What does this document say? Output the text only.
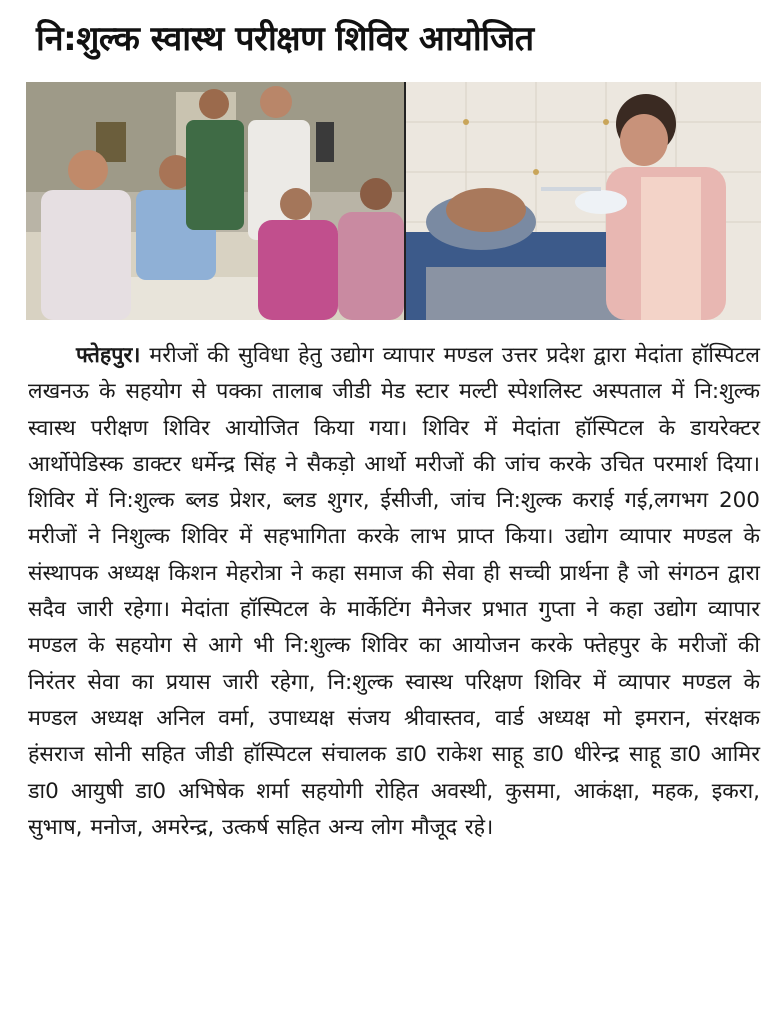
नि:शुल्क स्वास्थ परीक्षण शिविर आयोजित

फ्तेहपुर। मरीजों की सुविधा हेतु उद्योग व्यापार मण्डल उत्तर प्रदेश द्वारा मेदांता हॉस्पिटल लखनऊ के सहयोग से पक्का तालाब जीडी मेड स्टार मल्टी स्पेशलिस्ट अस्पताल में नि:शुल्क स्वास्थ परीक्षण शिविर आयोजित किया गया। शिविर में मेदांता हॉस्पिटल के डायरेक्टर आर्थोपेडिस्क डाक्टर धर्मेन्द्र सिंह ने सैकड़ो आर्थो मरीजों की जांच करके उचित परमार्श दिया। शिविर में नि:शुल्क ब्लड प्रेशर, ब्लड शुगर, ईसीजी, जांच नि:शुल्क कराई गई,लगभग 200 मरीजों ने निशुल्क शिविर में सहभागिता करके लाभ प्राप्त किया। उद्योग व्यापार मण्डल के संस्थापक अध्यक्ष किशन मेहरोत्रा ने कहा समाज की सेवा ही सच्ची प्रार्थना है जो संगठन द्वारा सदैव जारी रहेगा। मेदांता हॉस्पिटल के मार्केटिंग मैनेजर प्रभात गुप्ता ने कहा उद्योग व्यापार मण्डल के सहयोग से आगे भी नि:शुल्क शिविर का आयोजन करके फ्तेहपुर के मरीजों की निरंतर सेवा का प्रयास जारी रहेगा, नि:शुल्क स्वास्थ परिक्षण शिविर में व्यापार मण्डल के मण्डल अध्यक्ष अनिल वर्मा, उपाध्यक्ष संजय श्रीवास्तव, वार्ड अध्यक्ष मो इमरान, संरक्षक हंसराज सोनी सहित जीडी हॉस्पिटल संचालक डा0 राकेश साहू डा0 धीरेन्द्र साहू डा0 आमिर डा0 आयुषी डा0 अभिषेक शर्मा सहयोगी रोहित अवस्थी, कुसमा, आकंक्षा, महक, इकरा, सुभाष, मनोज, अमरेन्द्र, उत्कर्ष सहित अन्य लोग मौजूद रहे।
